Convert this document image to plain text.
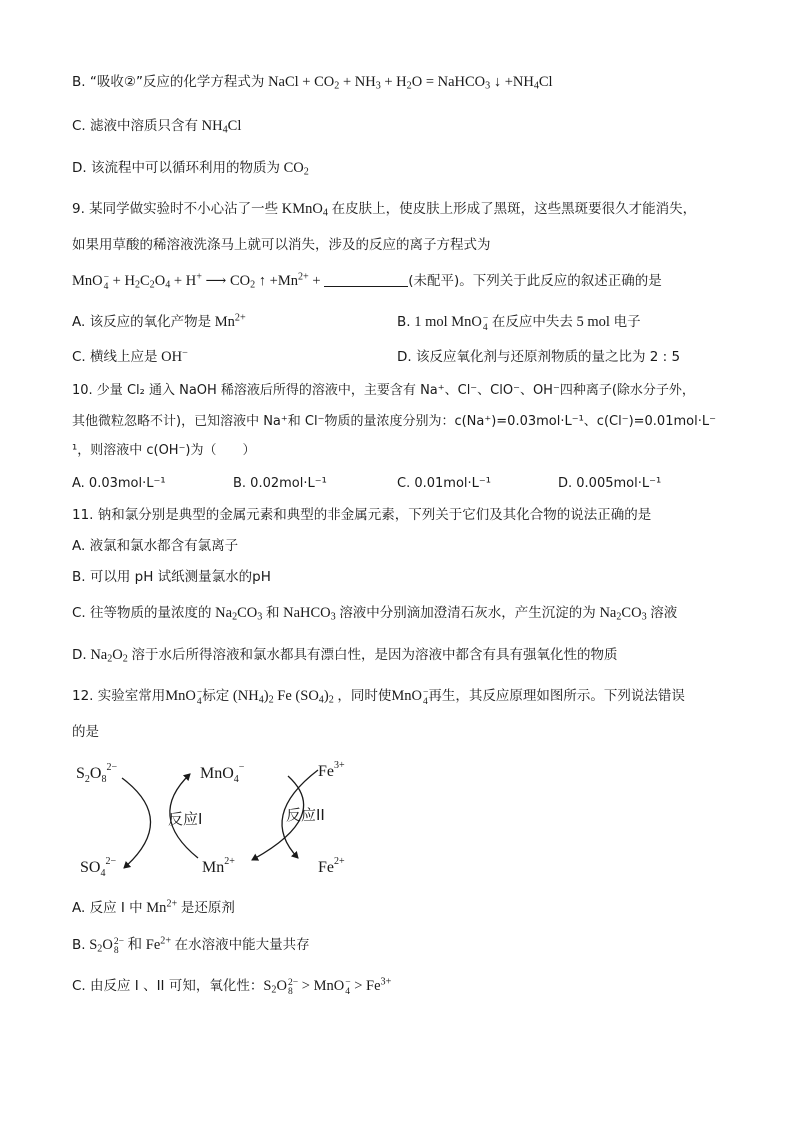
B. “吸收②”反应的化学方程式为 NaCl + $CO_2 + NH_3 + H_2O$ = NaHCO$_3$ ↓ $+NH_4Cl$
C. 滤液中溶质只含有 $NH_4Cl$
D. 该流程中可以循环利用的物质为 $CO_2$
9. 某同学做实验时不小心沾了一些 KMnO$_4$ 在皮肤上，使皮肤上形成了黑斑，这些黑斑要很久才能消失，
如果用草酸的稀溶液洗涤马上就可以消失，涉及的反应的离子方程式为
MnO −
$4 + H_2C_2O_4 + H^+$ ⟶ $CO_2$ ↑ $+Mn^{2+}$ +	(未配平)。下列关于此反应的叙述正确的是
A. 该反应的氧化产物是 $Mn^{2+}$	B. 1 mol MnO −
4 在反应中失去 5 mol 电子
C. 横线上应是 OH−	D. 该反应氧化剂与还原剂物质的量之比为 2 : 5
10. 少量 Cl₂ 通入 NaOH 稀溶液后所得的溶液中，主要含有 Na⁺、Cl⁻、ClO⁻、OH⁻四种离子(除水分子外，
其他微粒忽略不计)，已知溶液中 Na⁺和 Cl⁻物质的量浓度分别为：c(Na⁺)=0.03mol·L⁻¹、c(Cl⁻)=0.01mol·L⁻
¹，则溶液中 c(OH⁻)为（　　）
A. 0.03mol·L⁻¹	B. 0.02mol·L⁻¹	C. 0.01mol·L⁻¹	D. 0.005mol·L⁻¹
11. 钠和氯分别是典型的金属元素和典型的非金属元素，下列关于它们及其化合物的说法正确的是
A. 液氯和氯水都含有氯离子
B. 可以用 pH 试纸测量氯水的pH
C. 往等物质的量浓度的 $Na_2CO_3$ 和 NaHCO$_3$ 溶液中分别滴加澄清石灰水，产生沉淀的为 $Na_2CO_3$ 溶液
D. $Na_2O_2$ 溶于水后所得溶液和氯水都具有漂白性，是因为溶液中都含有具有强氧化性的物质
12. 实验室常用MnO −
4 标定 $(NH_4)_2$ Fe $(SO_4)_2$ ，同时使MnO −
4 再生，其反应原理如图所示。下列说法错误
的是
$S_2O_8^{2-}$
$SO_4^{2-}$
MnO$_4$−
$Mn^{2+}$
$Fe^{3+}$
$Fe^{2+}$
反应I	反应II
A. 反应 I 中 $Mn^{2+}$ 是还原剂
B. $S_2O$ 2−
8 和 $Fe^{2+}$ 在水溶液中能大量共存
C. 由反应 I 、II 可知，氧化性：$S_2O$ 2−
8 > MnO −
$4 > Fe^{3+}$
